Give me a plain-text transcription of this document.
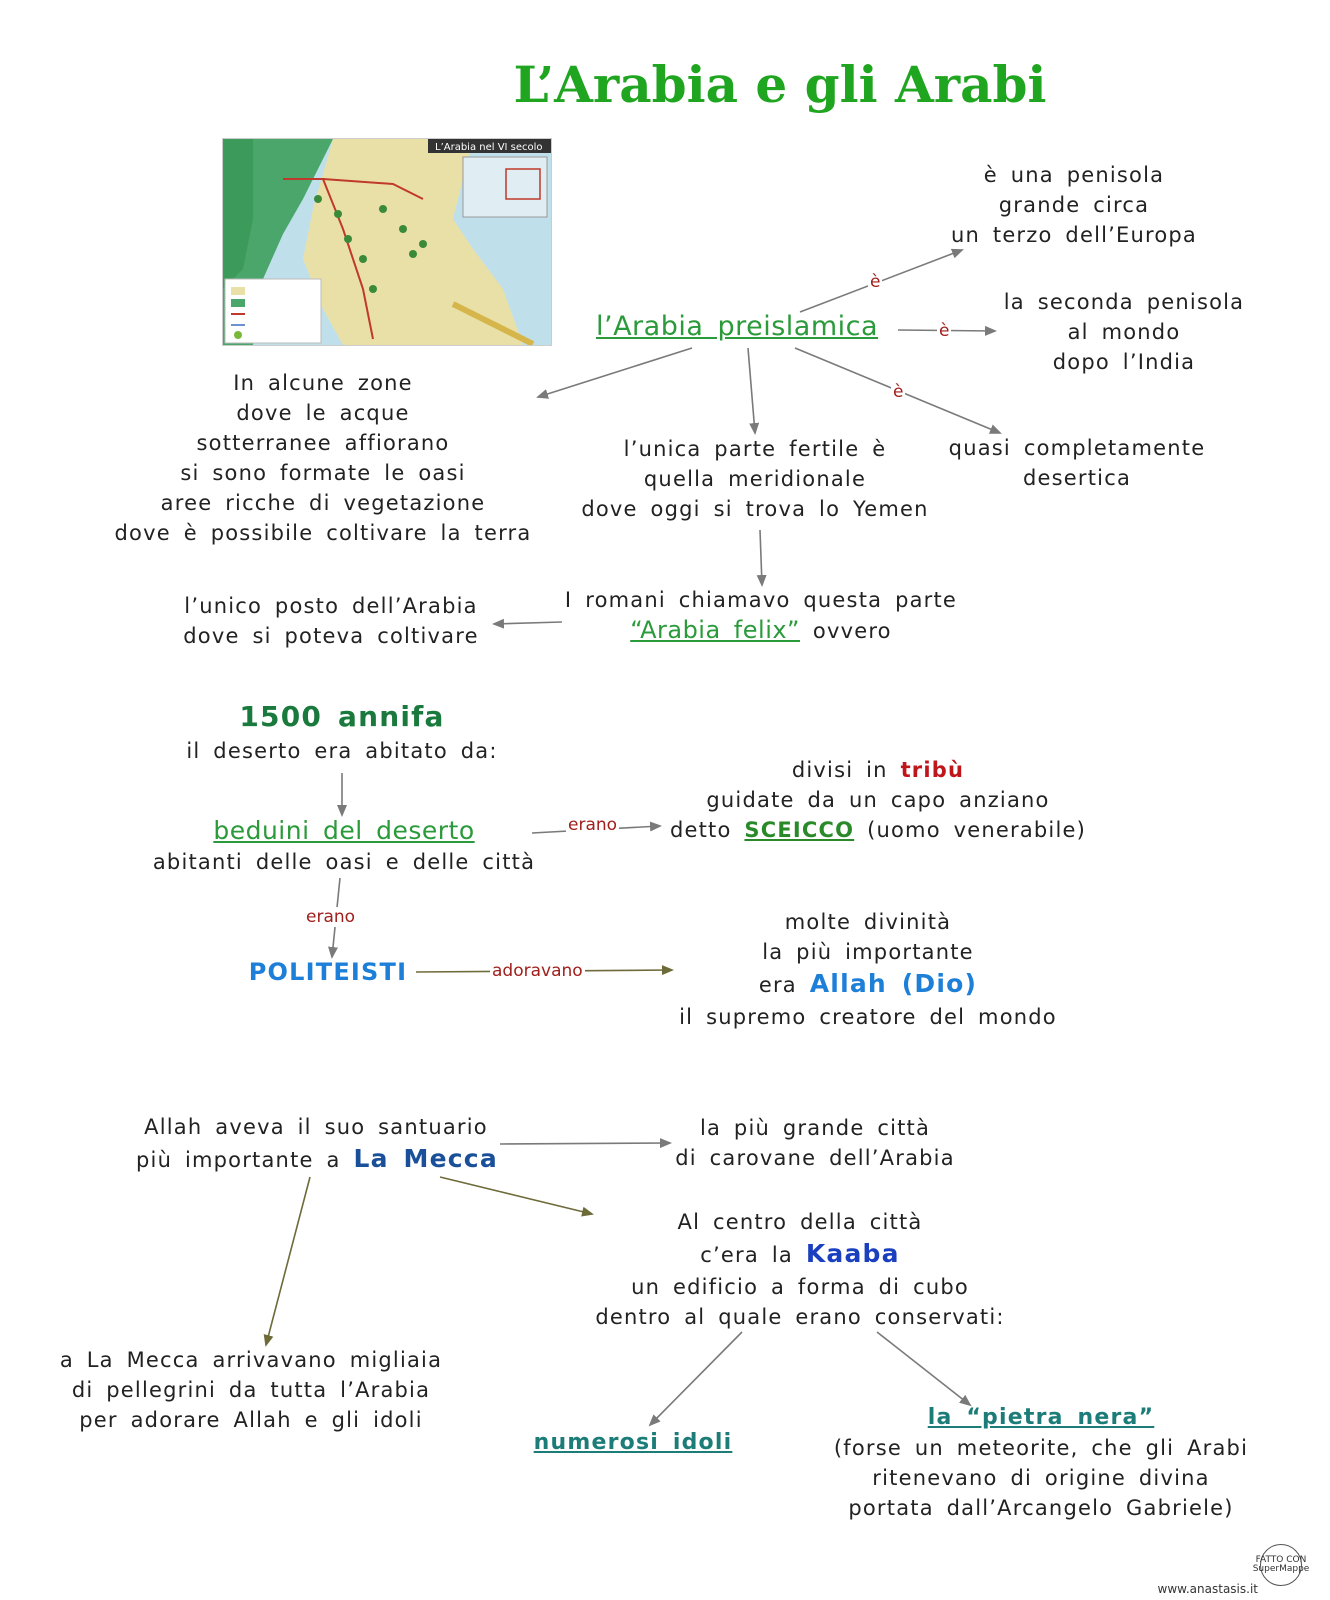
L’Arabia e gli Arabi
L’Arabia nel VI secolo
è
è
è
erano
erano
adoravano
l’Arabia preislamica
è una penisola
grande circa
un terzo dell’Europa
la seconda penisola
al mondo
dopo l’India
quasi completamente
desertica
In alcune zone
dove le acque
sotterranee affiorano
si sono formate le oasi
aree ricche di vegetazione
dove è possibile coltivare la terra
l’unica parte fertile è
quella meridionale
dove oggi si trova lo Yemen
I romani chiamavo questa parte
“Arabia felix” ovvero
l’unico posto dell’Arabia
dove si poteva coltivare
1500 annifa
il deserto era abitato da:
beduini del deserto
abitanti delle oasi e delle città
divisi in tribù
guidate da un capo anziano
detto SCEICCO (uomo venerabile)
POLITEISTI
molte divinità
la più importante
era Allah (Dio)
il supremo creatore del mondo
Allah aveva il suo santuario
più importante a La Mecca
la più grande città
di carovane dell’Arabia
Al centro della città
c’era la Kaaba
un edificio a forma di cubo
dentro al quale erano conservati:
a La Mecca arrivavano migliaia
di pellegrini da tutta l’Arabia
per adorare Allah e gli idoli
numerosi idoli
la “pietra nera”
(forse un meteorite, che gli Arabi
ritenevano di origine divina
portata dall’Arcangelo Gabriele)
FATTO CON SuperMappe
www.anastasis.it
